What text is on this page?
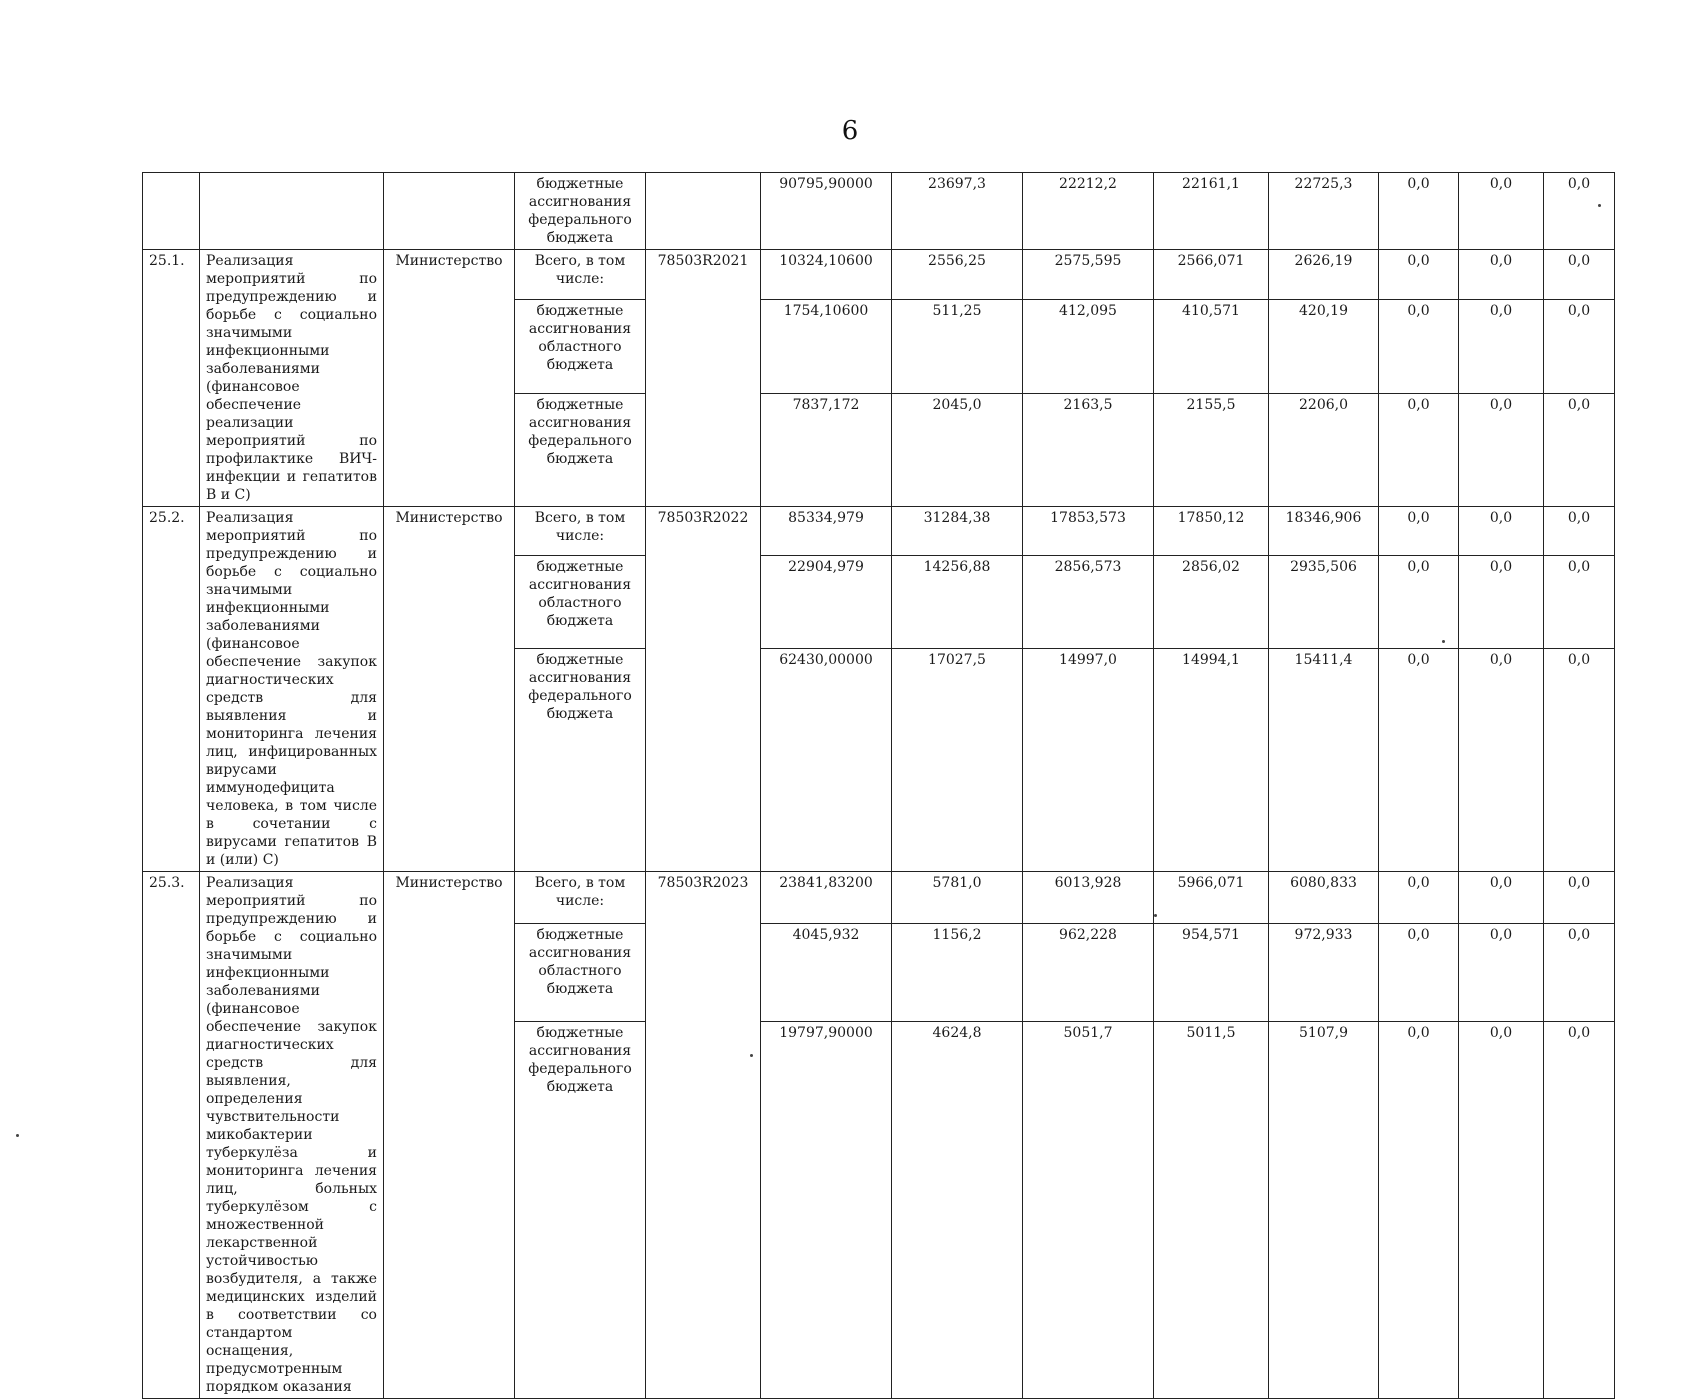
6
			бюджетные ассигнования федерального бюджета		90795,90000	23697,3	22212,2	22161,1	22725,3	0,0	0,0	0,0
25.1.	Реализация мероприятий по предупреждению и борьбе с социально значимыми инфекционными заболеваниями (финансовое обеспечение реализации мероприятий по профилактике ВИЧ-инфекции и гепатитов В и С)	Министерство	Всего, в том числе:	78503R2021	10324,10600	2556,25	2575,595	2566,071	2626,19	0,0	0,0	0,0
			бюджетные ассигнования областного бюджета		1754,10600	511,25	412,095	410,571	420,19	0,0	0,0	0,0
			бюджетные ассигнования федерального бюджета		7837,172	2045,0	2163,5	2155,5	2206,0	0,0	0,0	0,0
25.2.	Реализация мероприятий по предупреждению и борьбе с социально значимыми инфекционными заболеваниями (финансовое обеспечение закупок диагностических средств для выявления и мониторинга лечения лиц, инфицированных вирусами иммунодефицита человека, в том числе в сочетании с вирусами гепатитов В и (или) С)	Министерство	Всего, в том числе:	78503R2022	85334,979	31284,38	17853,573	17850,12	18346,906	0,0	0,0	0,0
			бюджетные ассигнования областного бюджета		22904,979	14256,88	2856,573	2856,02	2935,506	0,0	0,0	0,0
			бюджетные ассигнования федерального бюджета		62430,00000	17027,5	14997,0	14994,1	15411,4	0,0	0,0	0,0
25.3.	Реализация мероприятий по предупреждению и борьбе с социально значимыми инфекционными заболеваниями (финансовое обеспечение закупок диагностических средств для выявления, определения чувствительности микобактерии туберкулёза и мониторинга лечения лиц, больных туберкулёзом с множественной лекарственной устойчивостью возбудителя, а также медицинских изделий в соответствии со стандартом оснащения, предусмотренным порядком оказания	Министерство	Всего, в том числе:	78503R2023	23841,83200	5781,0	6013,928	5966,071	6080,833	0,0	0,0	0,0
			бюджетные ассигнования областного бюджета		4045,932	1156,2	962,228	954,571	972,933	0,0	0,0	0,0
			бюджетные ассигнования федерального бюджета		19797,90000	4624,8	5051,7	5011,5	5107,9	0,0	0,0	0,0
